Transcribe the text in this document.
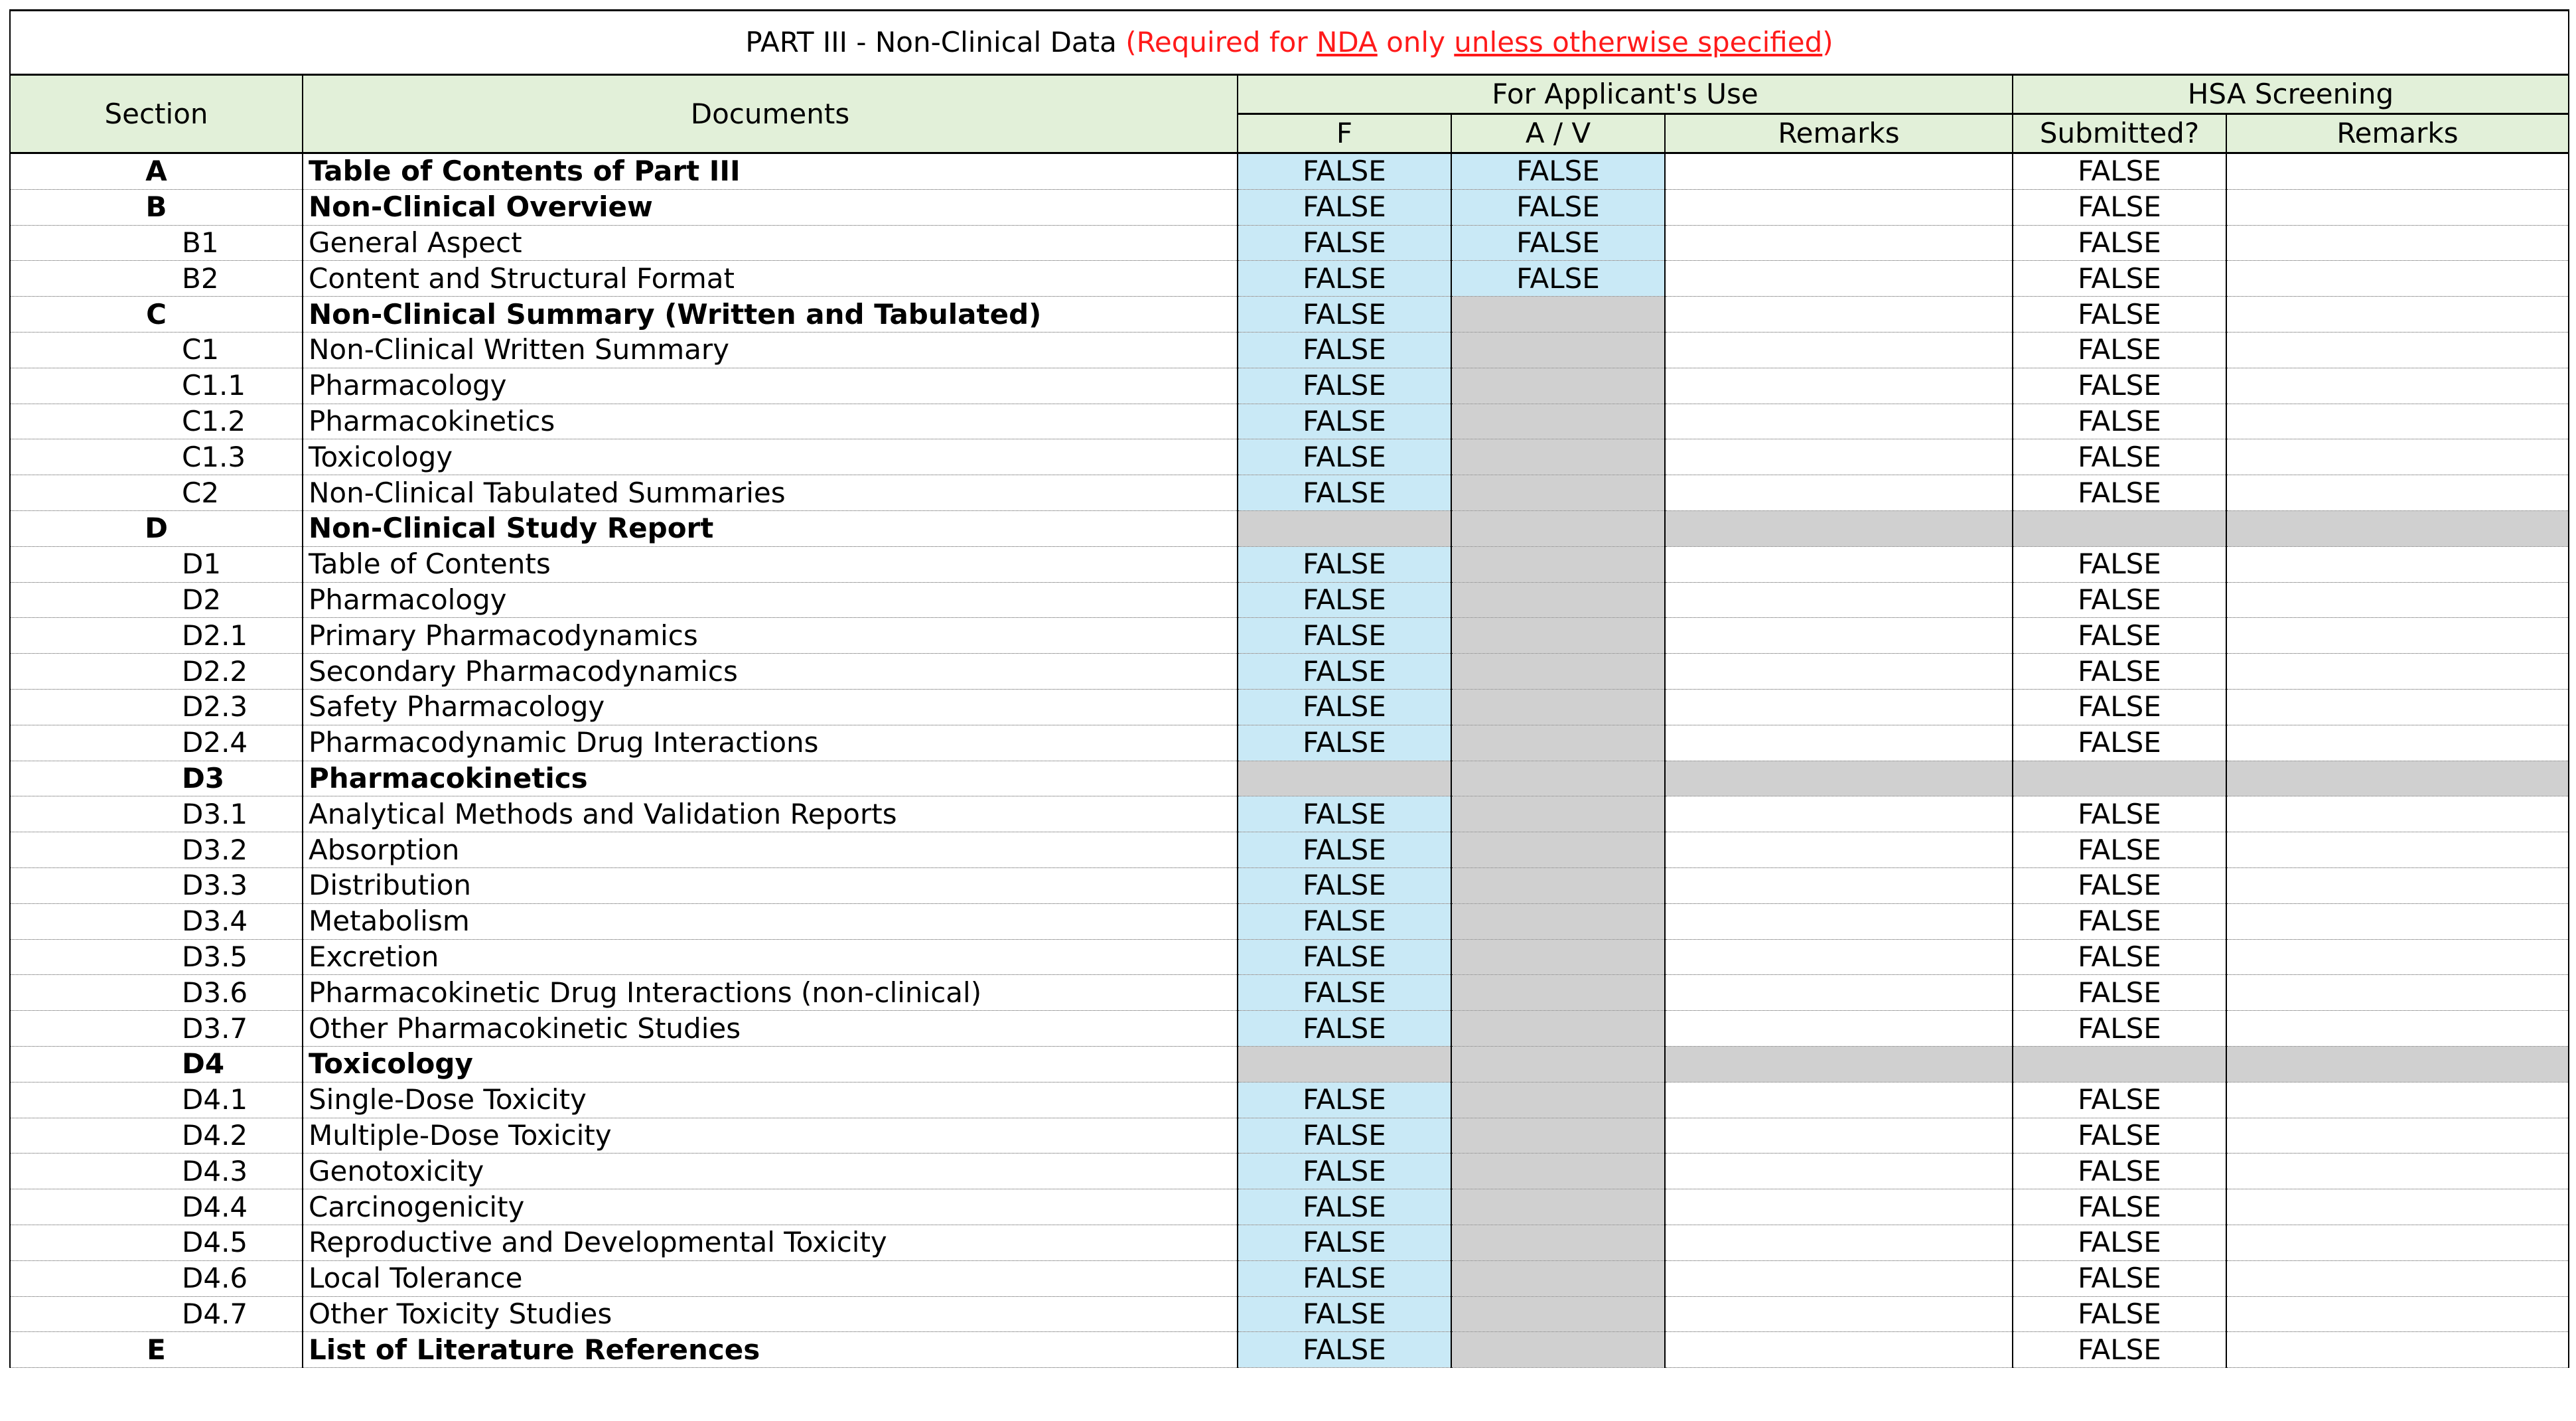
PART III - Non-Clinical Data (Required for NDA only unless otherwise specified)						
Section	Documents	For Applicant's Use			HSA Screening	
		F	A / V	Remarks	Submitted?	Remarks
A	Table of Contents of Part III	FALSE	FALSE		FALSE	
B	Non-Clinical Overview	FALSE	FALSE		FALSE	
B1	General Aspect	FALSE	FALSE		FALSE	
B2	Content and Structural Format	FALSE	FALSE		FALSE	
C	Non-Clinical Summary (Written and Tabulated)	FALSE			FALSE	
C1	Non-Clinical Written Summary	FALSE			FALSE	
C1.1	Pharmacology	FALSE			FALSE	
C1.2	Pharmacokinetics	FALSE			FALSE	
C1.3	Toxicology	FALSE			FALSE	
C2	Non-Clinical Tabulated Summaries	FALSE			FALSE	
D	Non-Clinical Study Report					
D1	Table of Contents	FALSE			FALSE	
D2	Pharmacology	FALSE			FALSE	
D2.1	Primary Pharmacodynamics	FALSE			FALSE	
D2.2	Secondary Pharmacodynamics	FALSE			FALSE	
D2.3	Safety Pharmacology	FALSE			FALSE	
D2.4	Pharmacodynamic Drug Interactions	FALSE			FALSE	
D3	Pharmacokinetics					
D3.1	Analytical Methods and Validation Reports	FALSE			FALSE	
D3.2	Absorption	FALSE			FALSE	
D3.3	Distribution	FALSE			FALSE	
D3.4	Metabolism	FALSE			FALSE	
D3.5	Excretion	FALSE			FALSE	
D3.6	Pharmacokinetic Drug Interactions (non-clinical)	FALSE			FALSE	
D3.7	Other Pharmacokinetic Studies	FALSE			FALSE	
D4	Toxicology					
D4.1	Single-Dose Toxicity	FALSE			FALSE	
D4.2	Multiple-Dose Toxicity	FALSE			FALSE	
D4.3	Genotoxicity	FALSE			FALSE	
D4.4	Carcinogenicity	FALSE			FALSE	
D4.5	Reproductive and Developmental Toxicity	FALSE			FALSE	
D4.6	Local Tolerance	FALSE			FALSE	
D4.7	Other Toxicity Studies	FALSE			FALSE	
E	List of Literature References	FALSE			FALSE	
